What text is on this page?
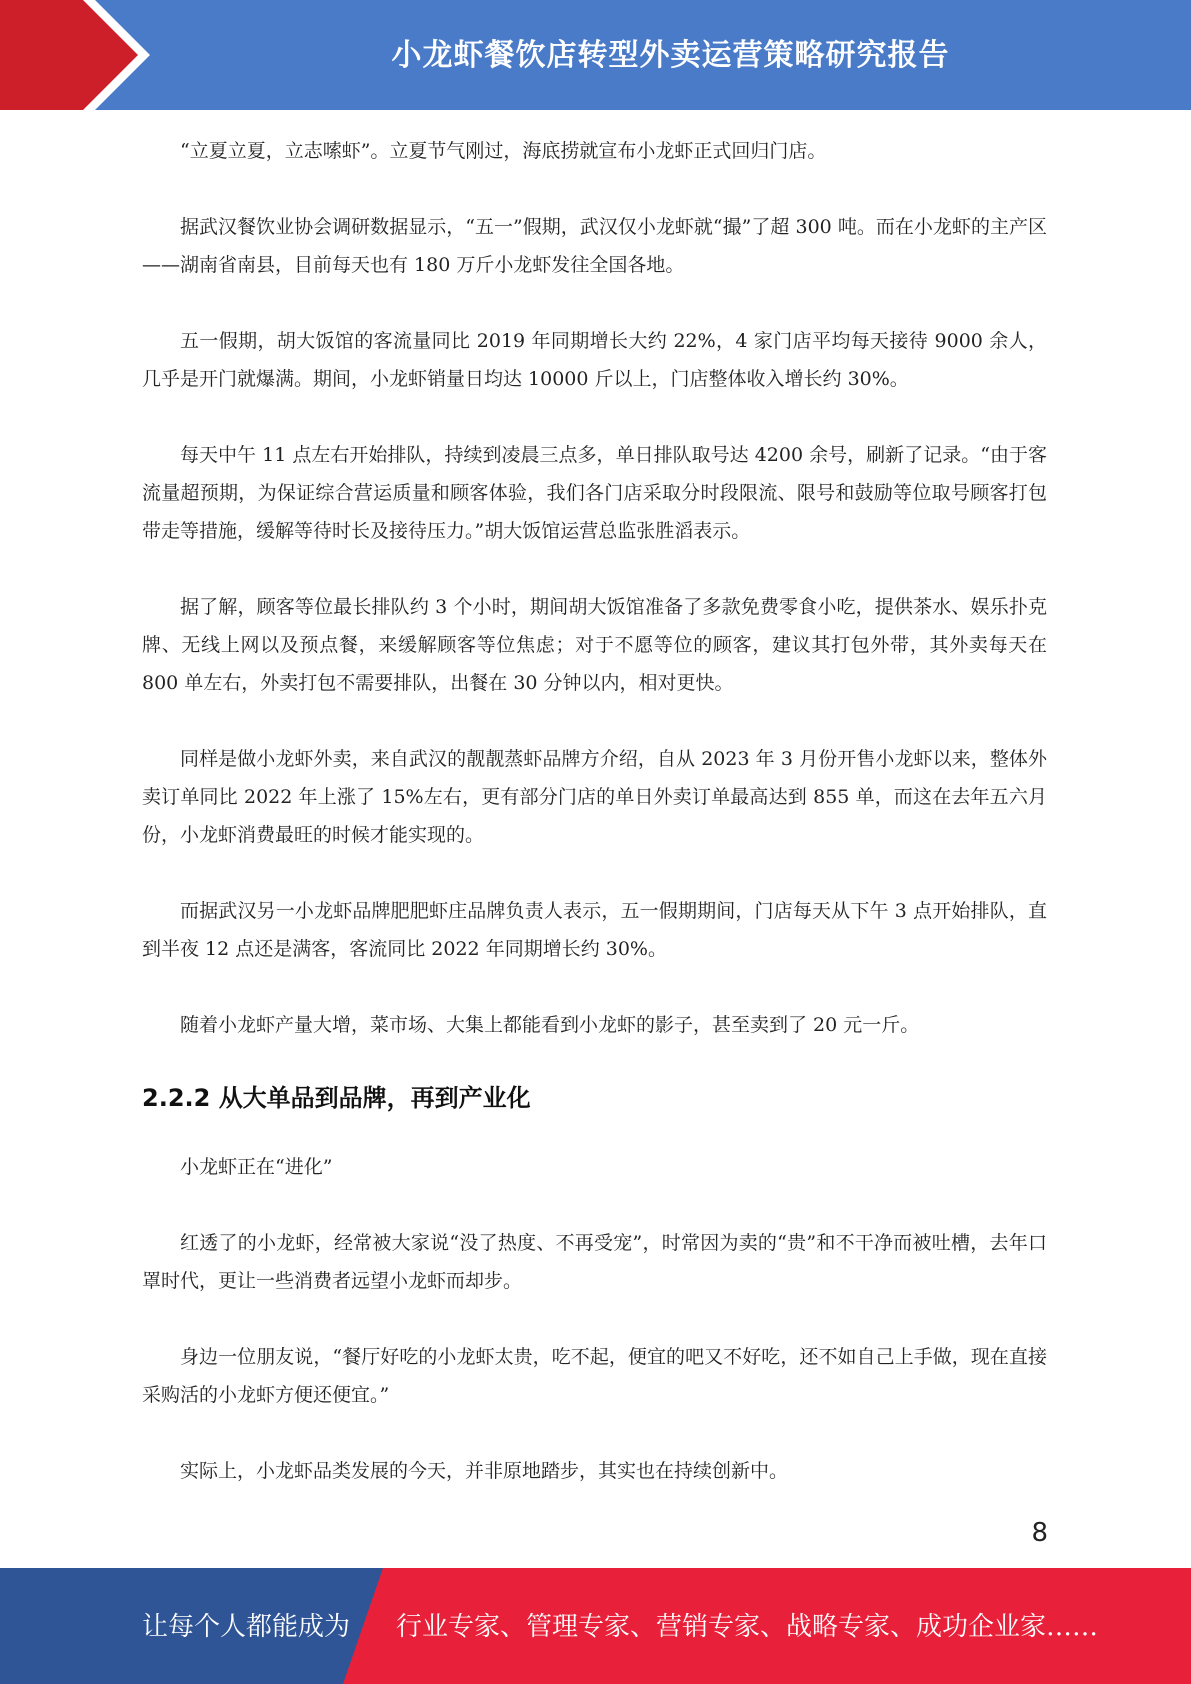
小龙虾餐饮店转型外卖运营策略研究报告

“立夏立夏，立志嗦虾”。立夏节气刚过，海底捞就宣布小龙虾正式回归门店。

据武汉餐饮业协会调研数据显示，“五一”假期，武汉仅小龙虾就“撮”了超 300 吨。而在小龙虾的主产区——湖南省南县，目前每天也有 180 万斤小龙虾发往全国各地。

五一假期，胡大饭馆的客流量同比 2019 年同期增长大约 22%，4 家门店平均每天接待 9000 余人，几乎是开门就爆满。期间，小龙虾销量日均达 10000 斤以上，门店整体收入增长约 30%。

每天中午 11 点左右开始排队，持续到凌晨三点多，单日排队取号达 4200 余号，刷新了记录。“由于客流量超预期，为保证综合营运质量和顾客体验，我们各门店采取分时段限流、限号和鼓励等位取号顾客打包带走等措施，缓解等待时长及接待压力。”胡大饭馆运营总监张胜滔表示。

据了解，顾客等位最长排队约 3 个小时，期间胡大饭馆准备了多款免费零食小吃，提供茶水、娱乐扑克牌、无线上网以及预点餐，来缓解顾客等位焦虑；对于不愿等位的顾客，建议其打包外带，其外卖每天在 800 单左右，外卖打包不需要排队，出餐在 30 分钟以内，相对更快。

同样是做小龙虾外卖，来自武汉的靓靓蒸虾品牌方介绍，自从 2023 年 3 月份开售小龙虾以来，整体外卖订单同比 2022 年上涨了 15%左右，更有部分门店的单日外卖订单最高达到 855 单，而这在去年五六月份，小龙虾消费最旺的时候才能实现的。

而据武汉另一小龙虾品牌肥肥虾庄品牌负责人表示，五一假期期间，门店每天从下午 3 点开始排队，直到半夜 12 点还是满客，客流同比 2022 年同期增长约 30%。

随着小龙虾产量大增，菜市场、大集上都能看到小龙虾的影子，甚至卖到了 20 元一斤。

2.2.2 从大单品到品牌，再到产业化

小龙虾正在“进化”

红透了的小龙虾，经常被大家说“没了热度、不再受宠”，时常因为卖的“贵”和不干净而被吐槽，去年口罩时代，更让一些消费者远望小龙虾而却步。

身边一位朋友说，“餐厅好吃的小龙虾太贵，吃不起，便宜的吧又不好吃，还不如自己上手做，现在直接采购活的小龙虾方便还便宜。”

实际上，小龙虾品类发展的今天，并非原地踏步，其实也在持续创新中。

8
让每个人都能成为 行业专家、管理专家、营销专家、战略专家、成功企业家……
